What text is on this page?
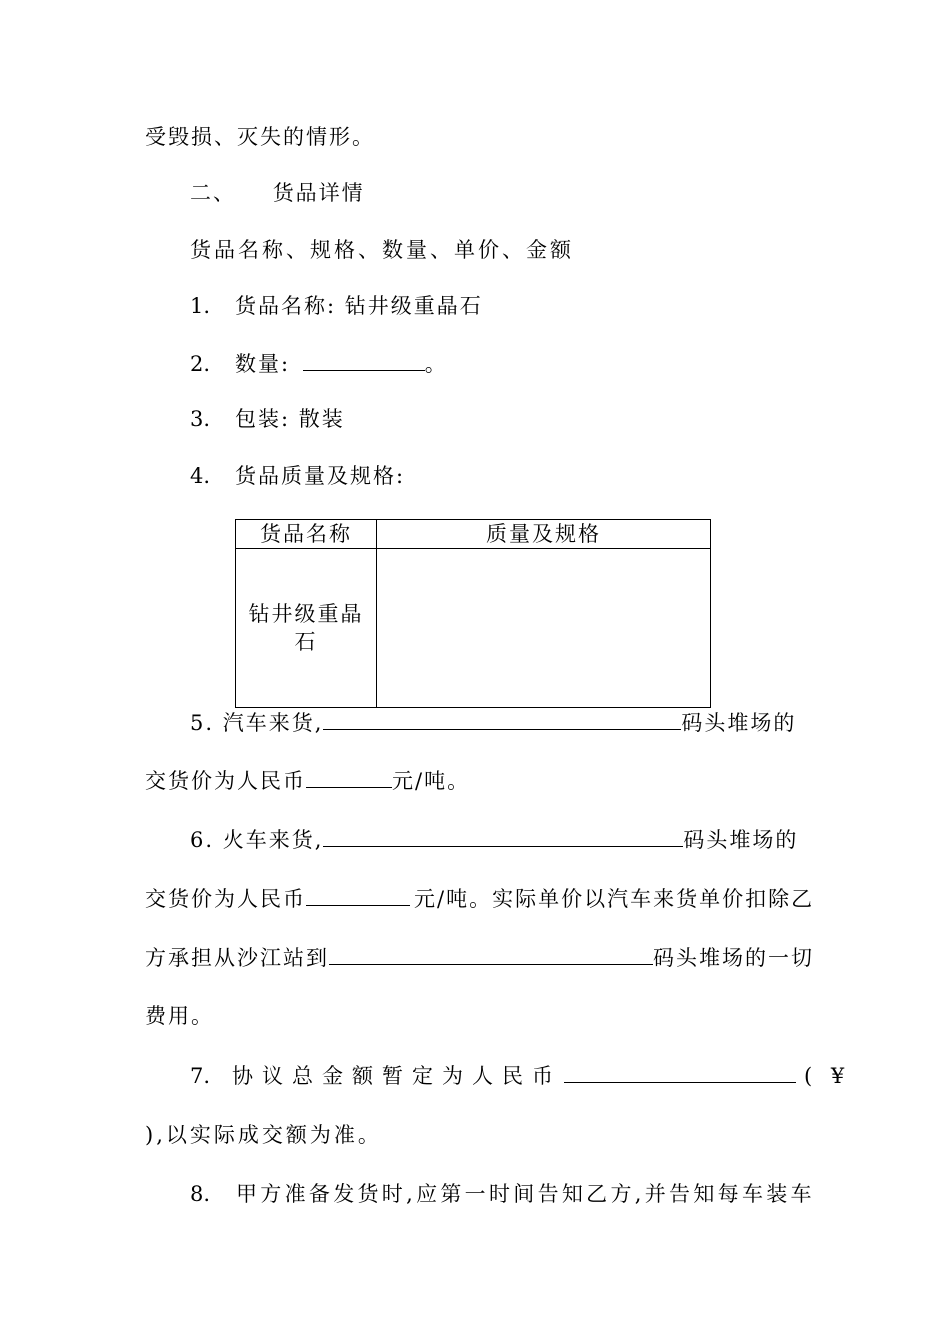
受毁损、灭失的情形。
二、 货品详情
货品名称、规格、数量、单价、金额
1. 货品名称: 钻井级重晶石
2. 数量:	。
3. 包装: 散装
4. 货品质量及规格:
货品名称	质量及规格

钻井级重晶石	

5. 汽车来货,	码头堆场的
交货价为人民币	元/吨。
6. 火车来货,	码头堆场的
交货价为人民币	元/吨。实际单价以汽车来货单价扣除乙
方承担从沙江站到	码头堆场的一切
费用。
7. 协议总金额暂定为人民币	( ¥
),以实际成交额为准。
8. 甲方准备发货时,应第一时间告知乙方,并告知每车装车
